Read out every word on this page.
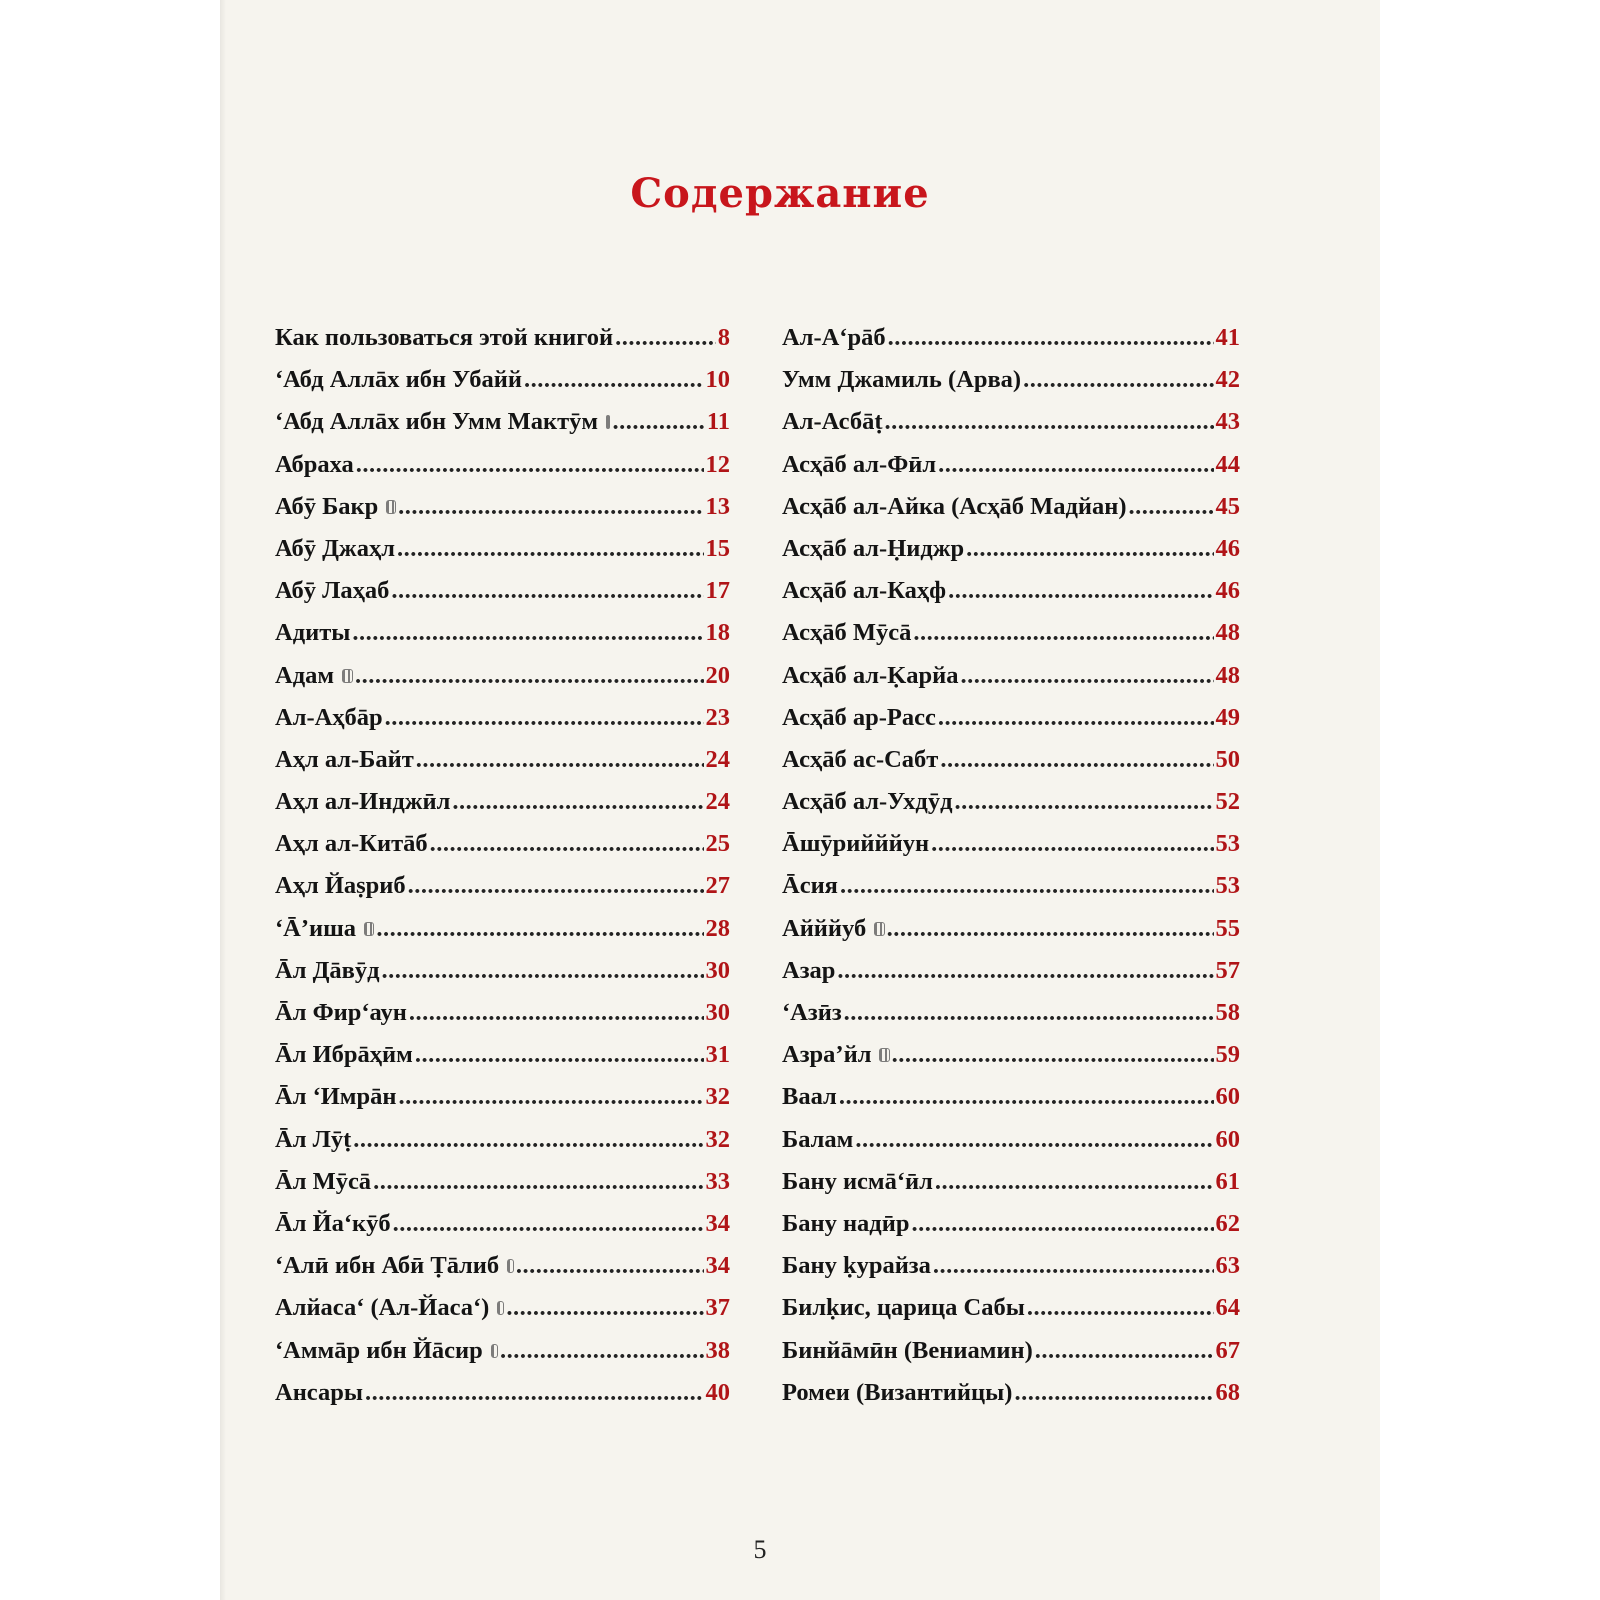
Содержание
Как пользоваться этой книгой .....	8
‘Абд Аллāх ибн Убайй .....	10
‘Абд Аллāх ибн Умм Мактӯм .....	11
Абраха .....	12
Абӯ Бакр .....	13
Абӯ Джаҳл .....	15
Абӯ Лаҳаб .....	17
Адиты .....	18
Адам .....	20
Ал-Аҳбāр .....	23
Аҳл ал-Байт .....	24
Аҳл ал-Инджӣл .....	24
Аҳл ал-Китāб .....	25
Аҳл Йаṣриб .....	27
‘Ā’иша .....	28
Āл Дāвӯд .....	30
Āл Фир‘аун .....	30
Āл Ибрāҳӣм .....	31
Āл ‘Имрāн .....	32
Āл Лӯṭ .....	32
Āл Мӯсā .....	33
Āл Йа‘кӯб .....	34
‘Алӣ ибн Абӣ Ṭāлиб .....	34
Алйаса‘ (Ал-Йаса‘) .....	37
‘Аммāр ибн Йāсир .....	38
Ансары .....	40
Ал-А‘рāб .....	41
Умм Джамиль (Арва) .....	42
Ал-Асбāṭ .....	43
Асҳāб ал-Фӣл .....	44
Асҳāб ал-Айка (Асҳāб Мадйан) .....	45
Асҳāб ал-Ḥиджр .....	46
Асҳāб ал-Каҳф .....	46
Асҳāб Мӯсā .....	48
Асҳāб ал-Ḳарйа .....	48
Асҳāб ар-Расс .....	49
Асҳāб ас-Сабт .....	50
Асҳāб ал-Ухдӯд .....	52
Āшӯрийййун .....	53
Āсия .....	53
Айййуб .....	55
Азар .....	57
‘Азӣз .....	58
Азра’йл .....	59
Ваал .....	60
Балам .....	60
Бану исмā‘ӣл .....	61
Бану надӣр .....	62
Бану ḳурайза .....	63
Билḳис, царица Сабы .....	64
Бинйāмӣн (Вениамин) .....	67
Ромеи (Византийцы) .....	68
5
